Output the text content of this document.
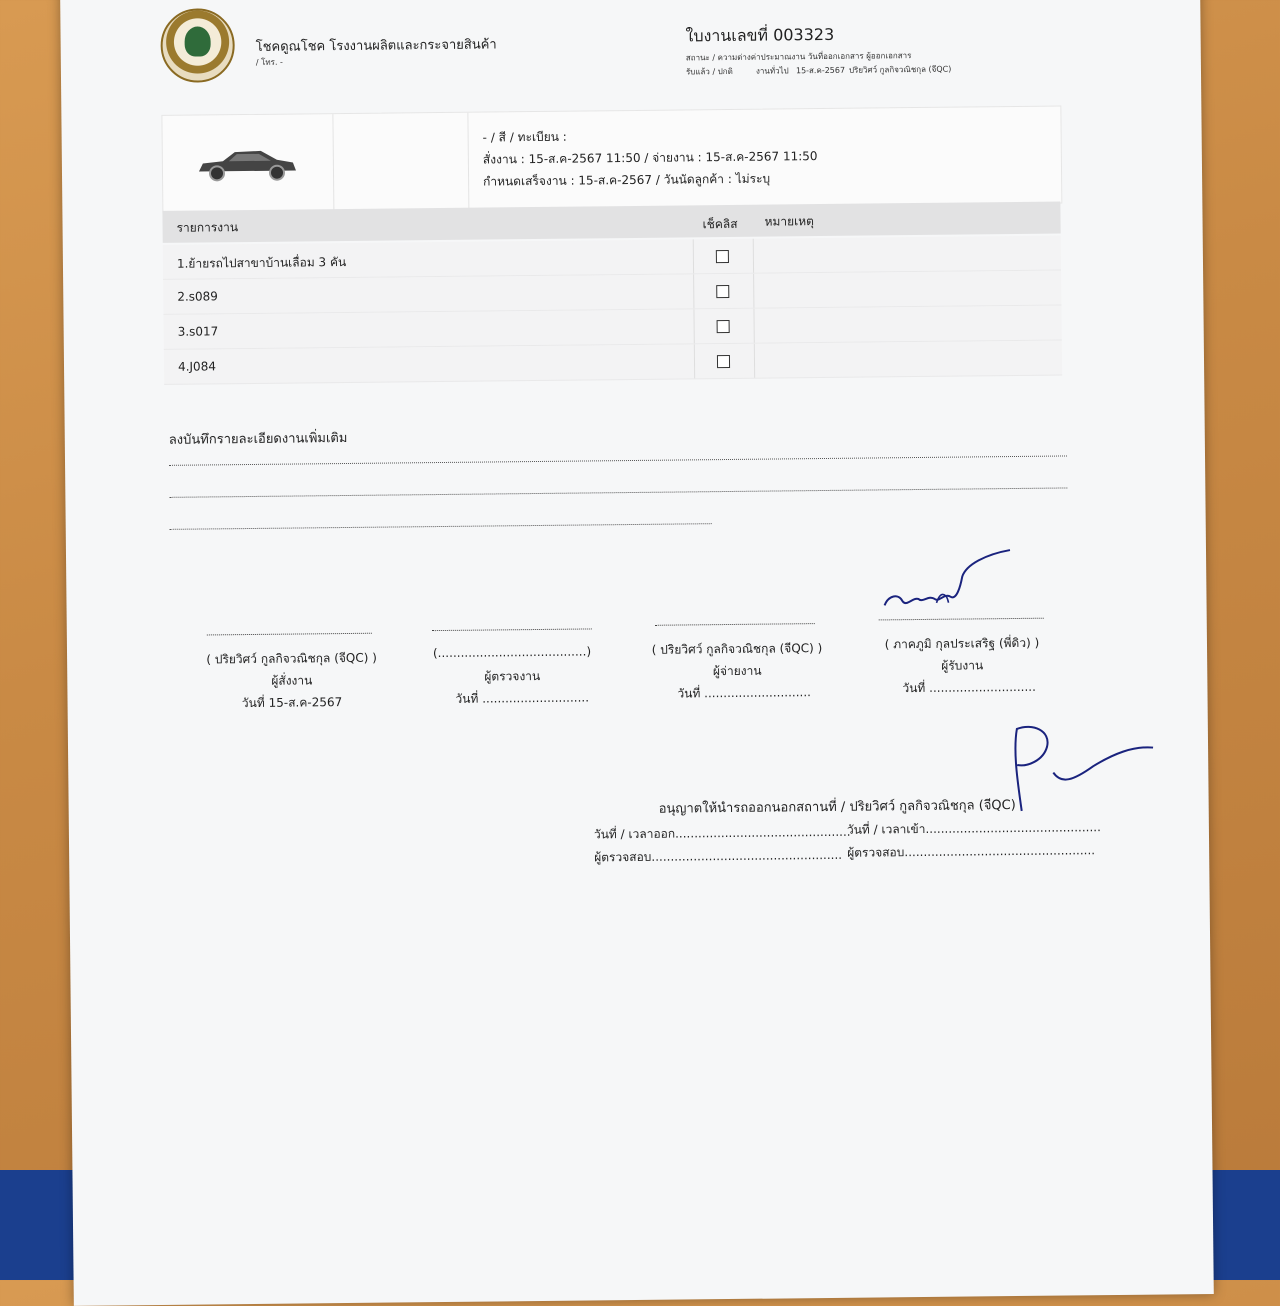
โชคดูณโชค โรงงานผลิตและกระจายสินค้า
/ โทร. -
ใบงานเลขที่ 003323
สถานะ / ความต่างค่าประมาณงาน วันที่ออกเอกสาร ผู้ออกเอกสาร
รับแล้ว / ปกติ	งานทั่วไป 15-ส.ค-2567 ปริยวิศว์ กูลกิจวณิชกุล (จีQC)
- / สี / ทะเบียน :
สั่งงาน : 15-ส.ค-2567 11:50 / จ่ายงาน : 15-ส.ค-2567 11:50
กำหนดเสร็จงาน : 15-ส.ค-2567 / วันนัดลูกค้า : ไม่ระบุ
รายการงาน	เช็คลิส หมายเหตุ
1.ย้ายรถไปสาขาบ้านเลื่อม 3 คัน
2.s089
3.s017
4.J084
ลงบันทึกรายละเอียดงานเพิ่มเติม
( ปริยวิศว์ กูลกิจวณิชกุล (จีQC) )
ผู้สั่งงาน
วันที่ 15-ส.ค-2567
(.......................................)
ผู้ตรวจงาน
วันที่ ............................
( ปริยวิศว์ กูลกิจวณิชกุล (จีQC) )
ผู้จ่ายงาน
วันที่ ............................
( ภาคภูมิ กุลประเสริฐ (พี่ดิว) )
ผู้รับงาน
วันที่ ............................
อนุญาตให้นำรถออกนอกสถานที่ / ปริยวิศว์ กูลกิจวณิชกุล (จีQC)
วันที่ / เวลาออก..............................................
วันที่ / เวลาเข้า..............................................
ผู้ตรวจสอบ.................................................. ผู้ตรวจสอบ..................................................
